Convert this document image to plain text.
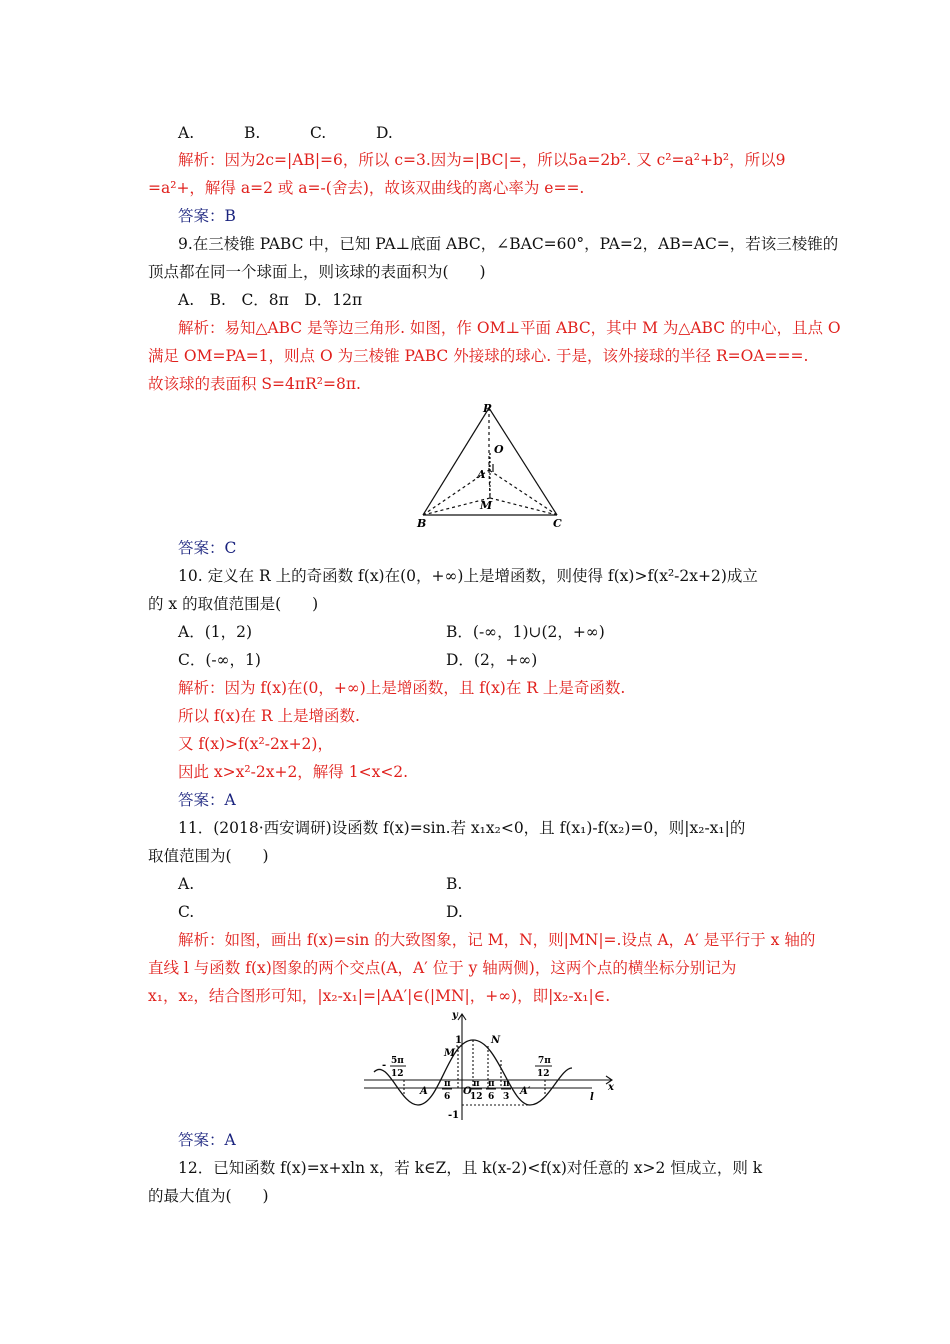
A.	B.	C.	D.
解析：因为2c=|AB|=6，所以 c=3.因为=|BC|=，所以5a=2b². 又 c²=a²+b²，所以9
=a²+，解得 a=2 或 a=-(舍去)，故该双曲线的离心率为 e==.
答案：B
9.在三棱锥 PABC 中，已知 PA⊥底面 ABC，∠BAC=60°，PA=2，AB=AC=，若该三棱锥的
顶点都在同一个球面上，则该球的表面积为(　　)
A.　B.　C．8π　D．12π
解析：易知△ABC 是等边三角形. 如图，作 OM⊥平面 ABC，其中 M 为△ABC 的中心，且点 O
满足 OM=PA=1，则点 O 为三棱锥 PABC 外接球的球心. 于是，该外接球的半径 R=OA===.
故该球的表面积 S=4πR²=8π.
P
O
A
M
B	C
答案：C
10. 定义在 R 上的奇函数 f(x)在(0，+∞)上是增函数，则使得 f(x)>f(x²-2x+2)成立
的 x 的取值范围是(　　)
A．(1，2)	B．(-∞，1)∪(2，+∞)
C．(-∞，1)	D．(2，+∞)
解析：因为 f(x)在(0，+∞)上是增函数，且 f(x)在 R 上是奇函数.
所以 f(x)在 R 上是增函数.
又 f(x)>f(x²-2x+2)，
因此 x>x²-2x+2，解得 1<x<2.
答案：A
11．(2018·西安调研)设函数 f(x)=sin.若 x₁x₂<0，且 f(x₁)-f(x₂)=0，则|x₂-x₁|的
取值范围为(　　)
A.	B.
C.	D.
解析：如图，画出 f(x)=sin 的大致图象，记 M，N，则|MN|=.设点 A，A′ 是平行于 x 轴的
直线 l 与函数 f(x)图象的两个交点(A，A′ 位于 y 轴两侧)，这两个点的横坐标分别记为
x₁，x₂，结合图形可知，|x₂-x₁|=|AA′|∈(|MN|，+∞)，即|x₂-x₁|∈.
y
x
1
-1
M
N
O
A	A′
l
- 5π
12
π
6
π
12
π
6
π
3
7π
12
答案：A
12．已知函数 f(x)=x+xln x，若 k∈Z，且 k(x-2)<f(x)对任意的 x>2 恒成立，则 k
的最大值为(　　)
